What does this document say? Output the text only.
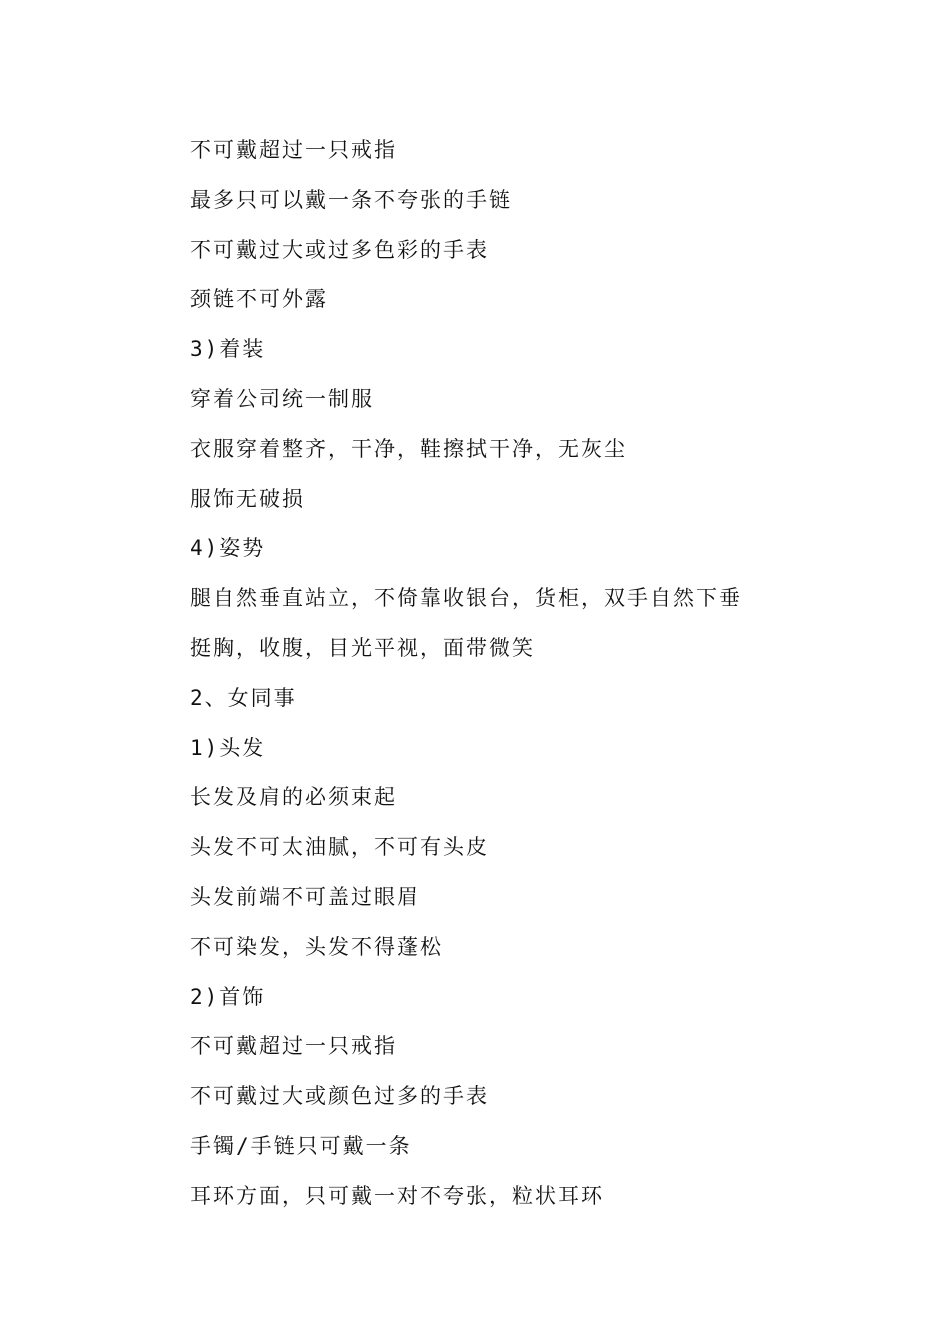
不可戴超过一只戒指
最多只可以戴一条不夸张的手链
不可戴过大或过多色彩的手表
颈链不可外露
3)着装
穿着公司统一制服
衣服穿着整齐，干净，鞋擦拭干净，无灰尘
服饰无破损
4)姿势
腿自然垂直站立，不倚靠收银台，货柜，双手自然下垂
挺胸，收腹，目光平视，面带微笑
2、女同事
1)头发
长发及肩的必须束起
头发不可太油腻，不可有头皮
头发前端不可盖过眼眉
不可染发，头发不得蓬松
2)首饰
不可戴超过一只戒指
不可戴过大或颜色过多的手表
手镯/手链只可戴一条
耳环方面，只可戴一对不夸张，粒状耳环
